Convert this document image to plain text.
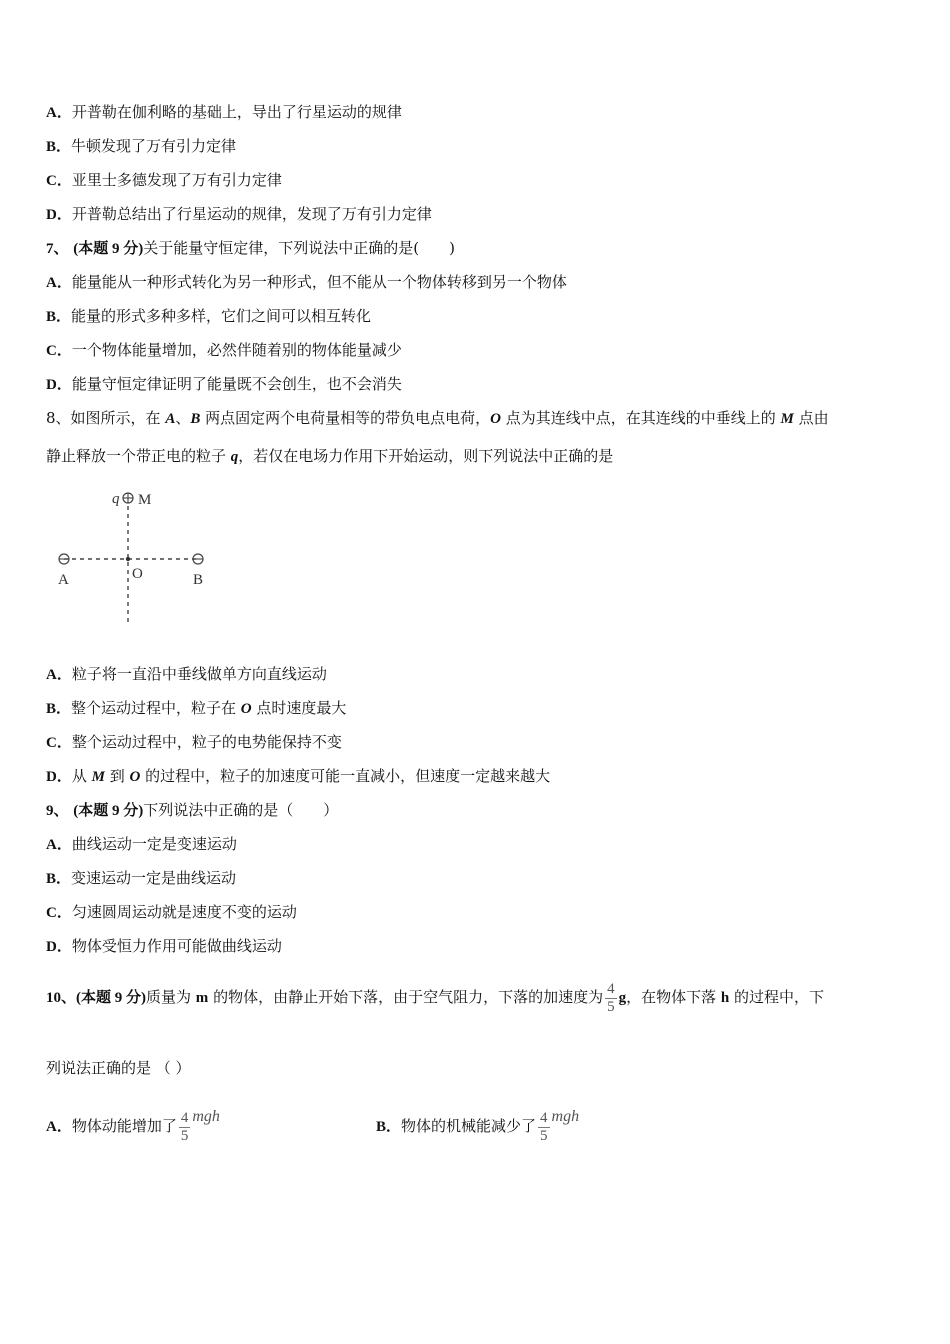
A．开普勒在伽利略的基础上，导出了行星运动的规律
B．牛顿发现了万有引力定律
C．亚里士多德发现了万有引力定律
D．开普勒总结出了行星运动的规律，发现了万有引力定律
7、 (本题 9 分)关于能量守恒定律，下列说法中正确的是(　　)
A．能量能从一种形式转化为另一种形式，但不能从一个物体转移到另一个物体
B．能量的形式多种多样，它们之间可以相互转化
C．一个物体能量增加，必然伴随着别的物体能量减少
D．能量守恒定律证明了能量既不会创生，也不会消失
8、如图所示，在 A、B 两点固定两个电荷量相等的带负电点电荷，O 点为其连线中点，在其连线的中垂线上的 M 点由
静止释放一个带正电的粒子 q，若仅在电场力作用下开始运动，则下列说法中正确的是
q M
A	O	B
A．粒子将一直沿中垂线做单方向直线运动
B．整个运动过程中，粒子在 O 点时速度最大
C．整个运动过程中，粒子的电势能保持不变
D．从 M 到 O 的过程中，粒子的加速度可能一直减小，但速度一定越来越大
9、 (本题 9 分)下列说法中正确的是（　　）
A．曲线运动一定是变速运动
B．变速运动一定是曲线运动
C．匀速圆周运动就是速度不变的运动
D．物体受恒力作用可能做曲线运动
10、(本题 9 分)质量为 m 的物体，由静止开始下落，由于空气阻力，下落的加速度为 $\frac{4}{5}$ g，在物体下落 h 的过程中，下
列说法正确的是 （ ）
A．物体动能增加了 $\frac{4}{5}$ mgh
B．物体的机械能减少了 $\frac{4}{5}$ mgh
